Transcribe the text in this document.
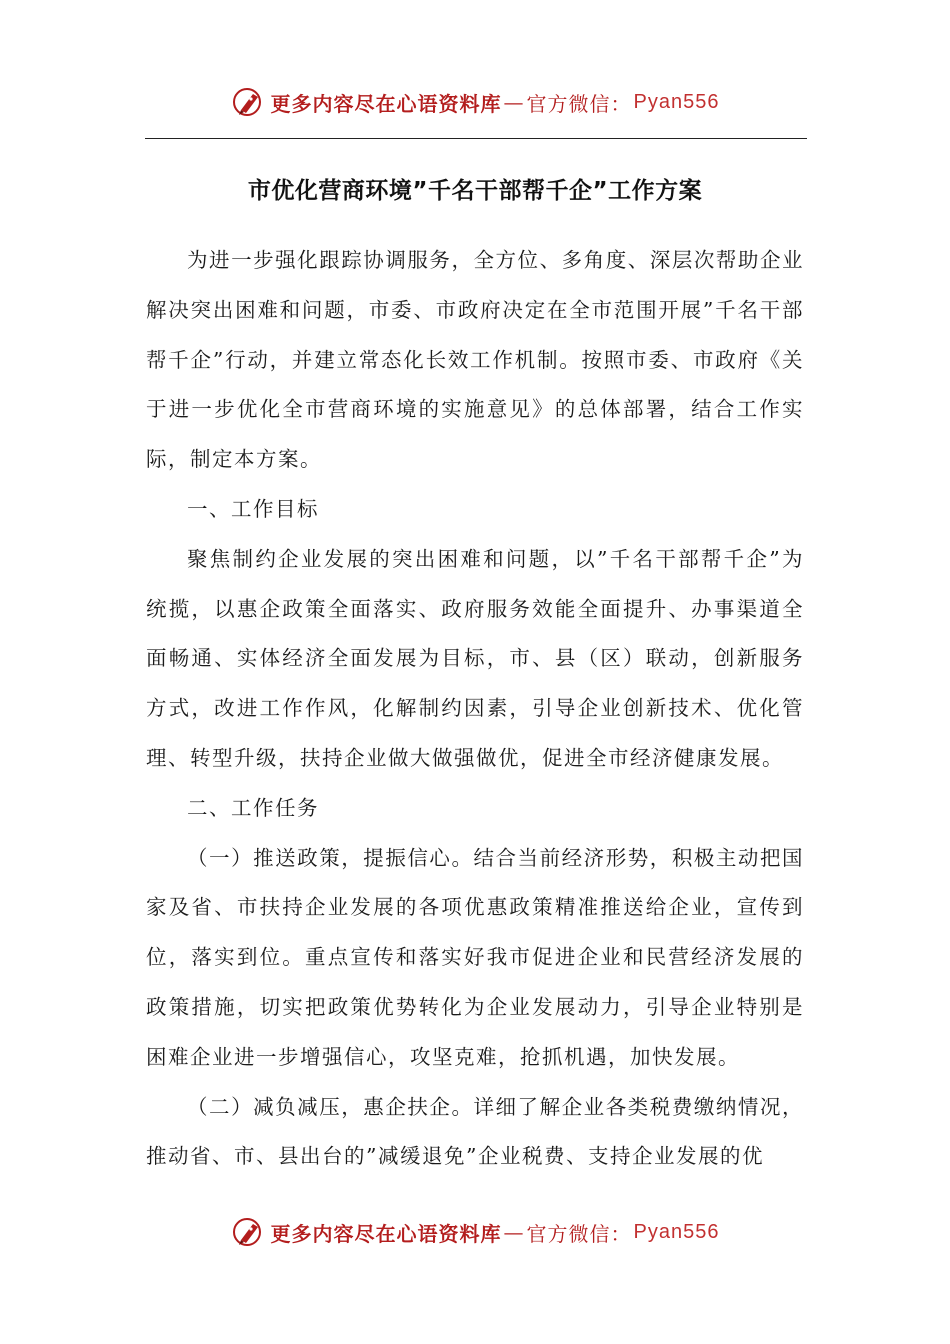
更多内容尽在心语资料库 — 官方微信： Pyan556
市优化营商环境”千名干部帮千企”工作方案

为进一步强化跟踪协调服务，全方位、多角度、深层次帮助企业解决突出困难和问题，市委、市政府决定在全市范围开展”千名干部帮千企”行动，并建立常态化长效工作机制。按照市委、市政府《关于进一步优化全市营商环境的实施意见》的总体部署，结合工作实际，制定本方案。

一、工作目标

聚焦制约企业发展的突出困难和问题，以”千名干部帮千企”为统揽，以惠企政策全面落实、政府服务效能全面提升、办事渠道全面畅通、实体经济全面发展为目标，市、县（区）联动，创新服务方式，改进工作作风，化解制约因素，引导企业创新技术、优化管理、转型升级，扶持企业做大做强做优，促进全市经济健康发展。

二、工作任务

（一）推送政策，提振信心。结合当前经济形势，积极主动把国家及省、市扶持企业发展的各项优惠政策精准推送给企业，宣传到位，落实到位。重点宣传和落实好我市促进企业和民营经济发展的政策措施，切实把政策优势转化为企业发展动力，引导企业特别是困难企业进一步增强信心，攻坚克难，抢抓机遇，加快发展。

（二）减负减压，惠企扶企。详细了解企业各类税费缴纳情况，推动省、市、县出台的”减缓退免”企业税费、支持企业发展的优

更多内容尽在心语资料库 — 官方微信： Pyan556
